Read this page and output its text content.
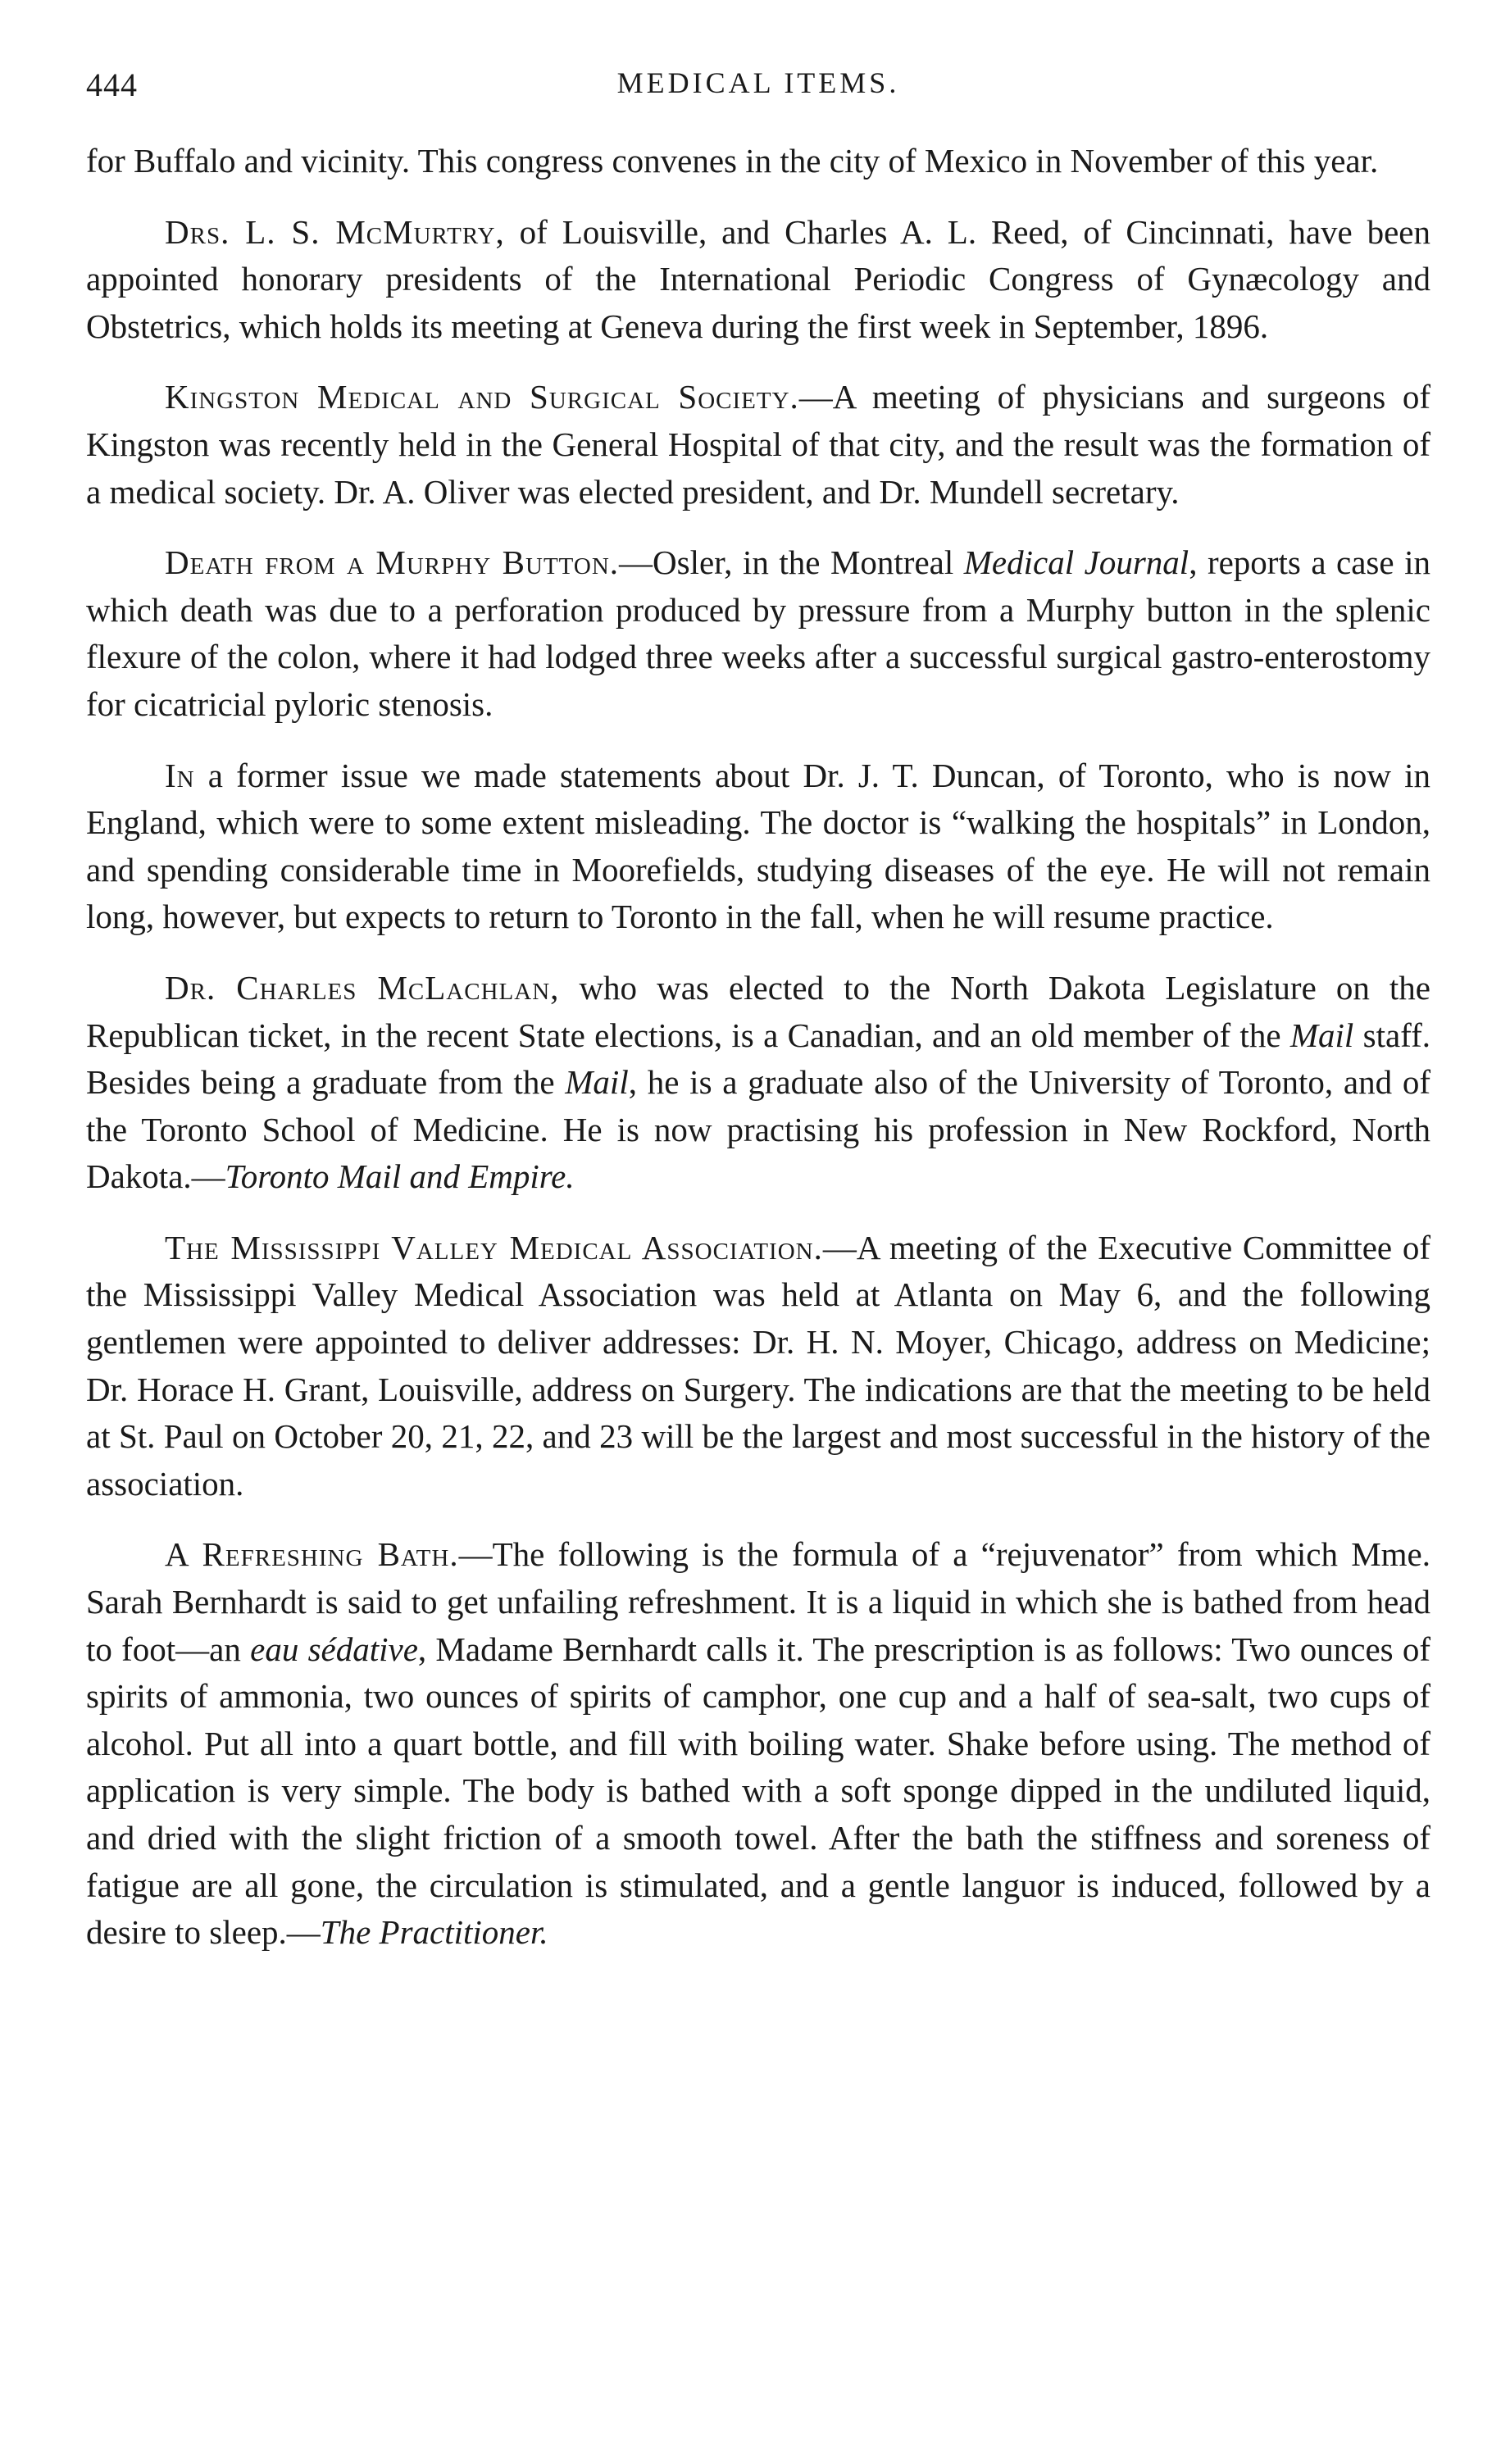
444	MEDICAL ITEMS.

for Buffalo and vicinity. This congress convenes in the city of Mexico in November of this year.

Drs. L. S. McMurtry, of Louisville, and Charles A. L. Reed, of Cincinnati, have been appointed honorary presidents of the International Periodic Congress of Gynæcology and Obstetrics, which holds its meeting at Geneva during the first week in September, 1896.

Kingston Medical and Surgical Society.—A meeting of physicians and surgeons of Kingston was recently held in the General Hospital of that city, and the result was the formation of a medical society. Dr. A. Oliver was elected president, and Dr. Mundell secretary.

Death from a Murphy Button.—Osler, in the Montreal Medical Journal, reports a case in which death was due to a perforation produced by pressure from a Murphy button in the splenic flexure of the colon, where it had lodged three weeks after a successful surgical gastro-enterostomy for cicatricial pyloric stenosis.

In a former issue we made statements about Dr. J. T. Duncan, of Toronto, who is now in England, which were to some extent misleading. The doctor is “walking the hospitals” in London, and spending considerable time in Moorefields, studying diseases of the eye. He will not remain long, however, but expects to return to Toronto in the fall, when he will resume practice.

Dr. Charles McLachlan, who was elected to the North Dakota Legislature on the Republican ticket, in the recent State elections, is a Canadian, and an old member of the Mail staff. Besides being a graduate from the Mail, he is a graduate also of the University of Toronto, and of the Toronto School of Medicine. He is now practising his profession in New Rockford, North Dakota.—Toronto Mail and Empire.

The Mississippi Valley Medical Association.—A meeting of the Executive Committee of the Mississippi Valley Medical Association was held at Atlanta on May 6, and the following gentlemen were appointed to deliver addresses: Dr. H. N. Moyer, Chicago, address on Medicine; Dr. Horace H. Grant, Louisville, address on Surgery. The indications are that the meeting to be held at St. Paul on October 20, 21, 22, and 23 will be the largest and most successful in the history of the association.

A Refreshing Bath.—The following is the formula of a “rejuvenator” from which Mme. Sarah Bernhardt is said to get unfailing refreshment. It is a liquid in which she is bathed from head to foot—an eau sédative, Madame Bernhardt calls it. The prescription is as follows: Two ounces of spirits of ammonia, two ounces of spirits of camphor, one cup and a half of sea-salt, two cups of alcohol. Put all into a quart bottle, and fill with boiling water. Shake before using. The method of application is very simple. The body is bathed with a soft sponge dipped in the undiluted liquid, and dried with the slight friction of a smooth towel. After the bath the stiffness and soreness of fatigue are all gone, the circulation is stimulated, and a gentle languor is induced, followed by a desire to sleep.—The Practitioner.
